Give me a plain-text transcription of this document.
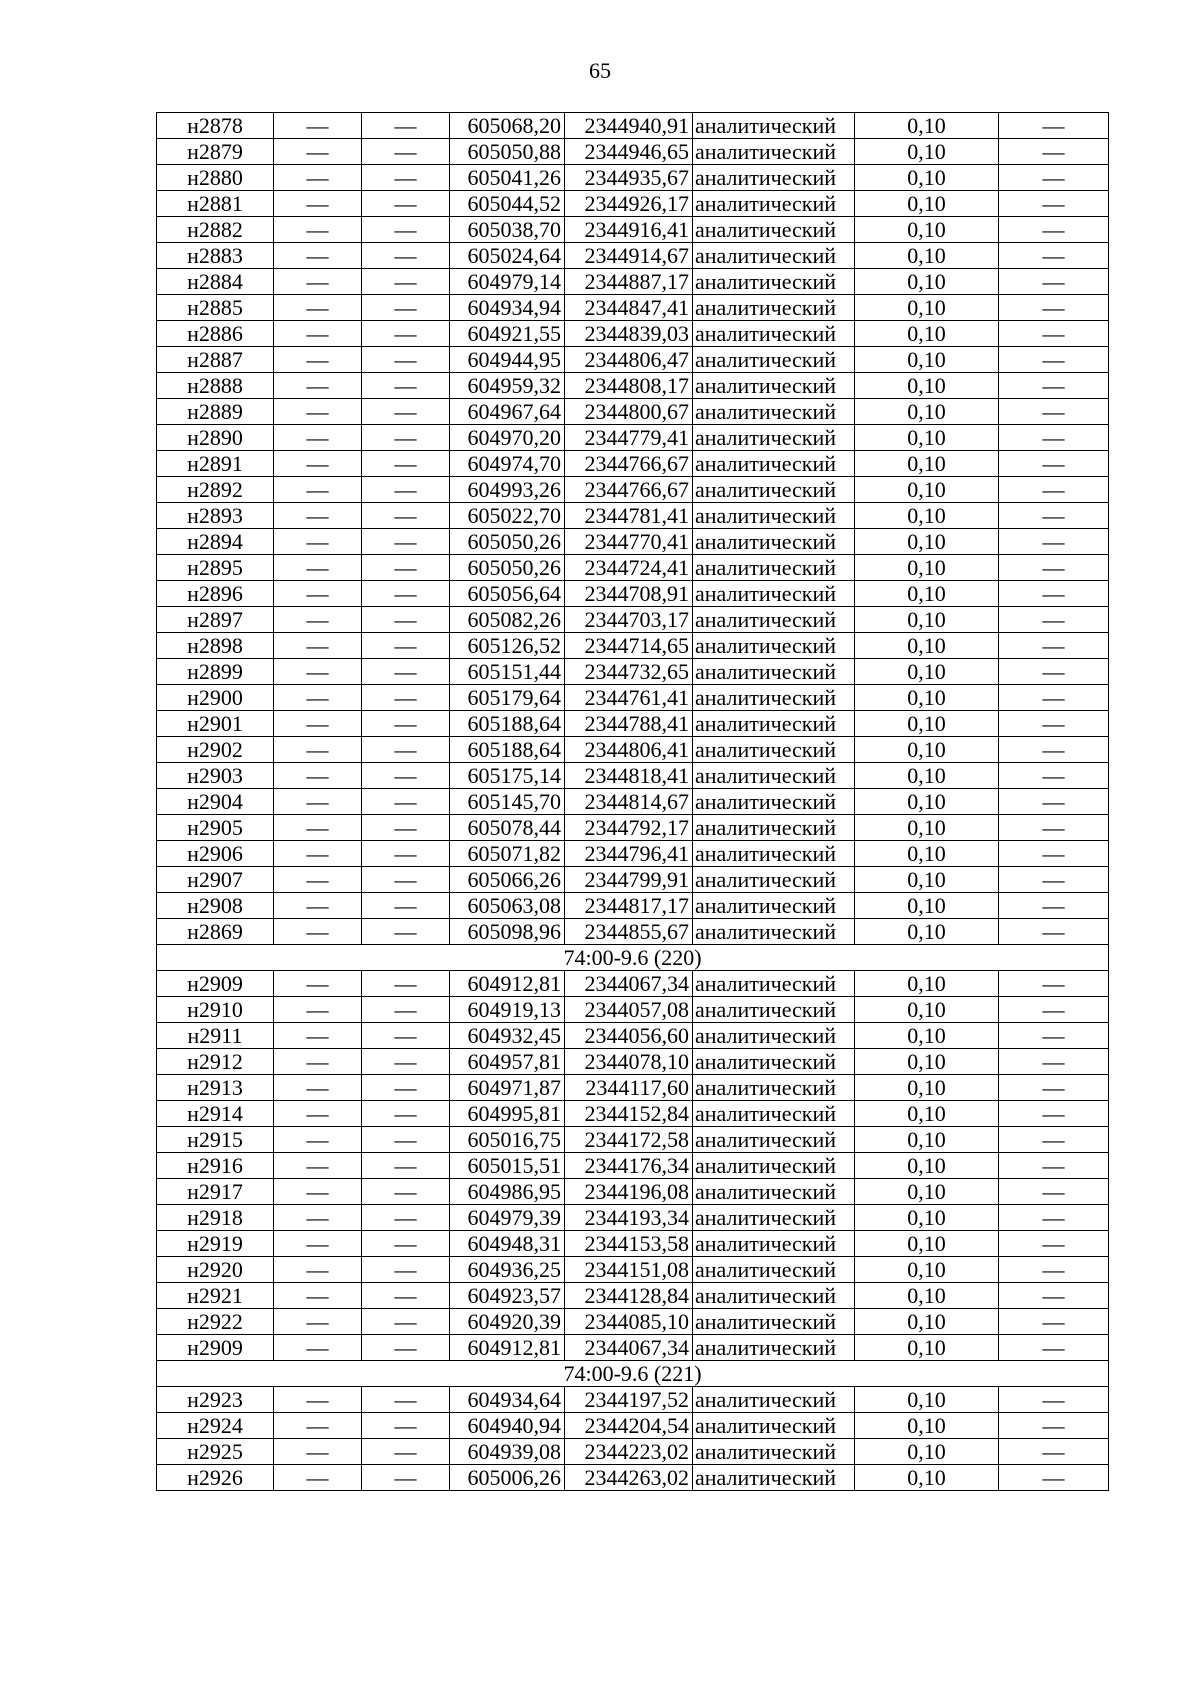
65
н2878	—	—	605068,20	2344940,91	аналитический	0,10	—
н2879	—	—	605050,88	2344946,65	аналитический	0,10	—
н2880	—	—	605041,26	2344935,67	аналитический	0,10	—
н2881	—	—	605044,52	2344926,17	аналитический	0,10	—
н2882	—	—	605038,70	2344916,41	аналитический	0,10	—
н2883	—	—	605024,64	2344914,67	аналитический	0,10	—
н2884	—	—	604979,14	2344887,17	аналитический	0,10	—
н2885	—	—	604934,94	2344847,41	аналитический	0,10	—
н2886	—	—	604921,55	2344839,03	аналитический	0,10	—
н2887	—	—	604944,95	2344806,47	аналитический	0,10	—
н2888	—	—	604959,32	2344808,17	аналитический	0,10	—
н2889	—	—	604967,64	2344800,67	аналитический	0,10	—
н2890	—	—	604970,20	2344779,41	аналитический	0,10	—
н2891	—	—	604974,70	2344766,67	аналитический	0,10	—
н2892	—	—	604993,26	2344766,67	аналитический	0,10	—
н2893	—	—	605022,70	2344781,41	аналитический	0,10	—
н2894	—	—	605050,26	2344770,41	аналитический	0,10	—
н2895	—	—	605050,26	2344724,41	аналитический	0,10	—
н2896	—	—	605056,64	2344708,91	аналитический	0,10	—
н2897	—	—	605082,26	2344703,17	аналитический	0,10	—
н2898	—	—	605126,52	2344714,65	аналитический	0,10	—
н2899	—	—	605151,44	2344732,65	аналитический	0,10	—
н2900	—	—	605179,64	2344761,41	аналитический	0,10	—
н2901	—	—	605188,64	2344788,41	аналитический	0,10	—
н2902	—	—	605188,64	2344806,41	аналитический	0,10	—
н2903	—	—	605175,14	2344818,41	аналитический	0,10	—
н2904	—	—	605145,70	2344814,67	аналитический	0,10	—
н2905	—	—	605078,44	2344792,17	аналитический	0,10	—
н2906	—	—	605071,82	2344796,41	аналитический	0,10	—
н2907	—	—	605066,26	2344799,91	аналитический	0,10	—
н2908	—	—	605063,08	2344817,17	аналитический	0,10	—
н2869	—	—	605098,96	2344855,67	аналитический	0,10	—
74:00-9.6 (220)							
н2909	—	—	604912,81	2344067,34	аналитический	0,10	—
н2910	—	—	604919,13	2344057,08	аналитический	0,10	—
н2911	—	—	604932,45	2344056,60	аналитический	0,10	—
н2912	—	—	604957,81	2344078,10	аналитический	0,10	—
н2913	—	—	604971,87	2344117,60	аналитический	0,10	—
н2914	—	—	604995,81	2344152,84	аналитический	0,10	—
н2915	—	—	605016,75	2344172,58	аналитический	0,10	—
н2916	—	—	605015,51	2344176,34	аналитический	0,10	—
н2917	—	—	604986,95	2344196,08	аналитический	0,10	—
н2918	—	—	604979,39	2344193,34	аналитический	0,10	—
н2919	—	—	604948,31	2344153,58	аналитический	0,10	—
н2920	—	—	604936,25	2344151,08	аналитический	0,10	—
н2921	—	—	604923,57	2344128,84	аналитический	0,10	—
н2922	—	—	604920,39	2344085,10	аналитический	0,10	—
н2909	—	—	604912,81	2344067,34	аналитический	0,10	—
74:00-9.6 (221)							
н2923	—	—	604934,64	2344197,52	аналитический	0,10	—
н2924	—	—	604940,94	2344204,54	аналитический	0,10	—
н2925	—	—	604939,08	2344223,02	аналитический	0,10	—
н2926	—	—	605006,26	2344263,02	аналитический	0,10	—
